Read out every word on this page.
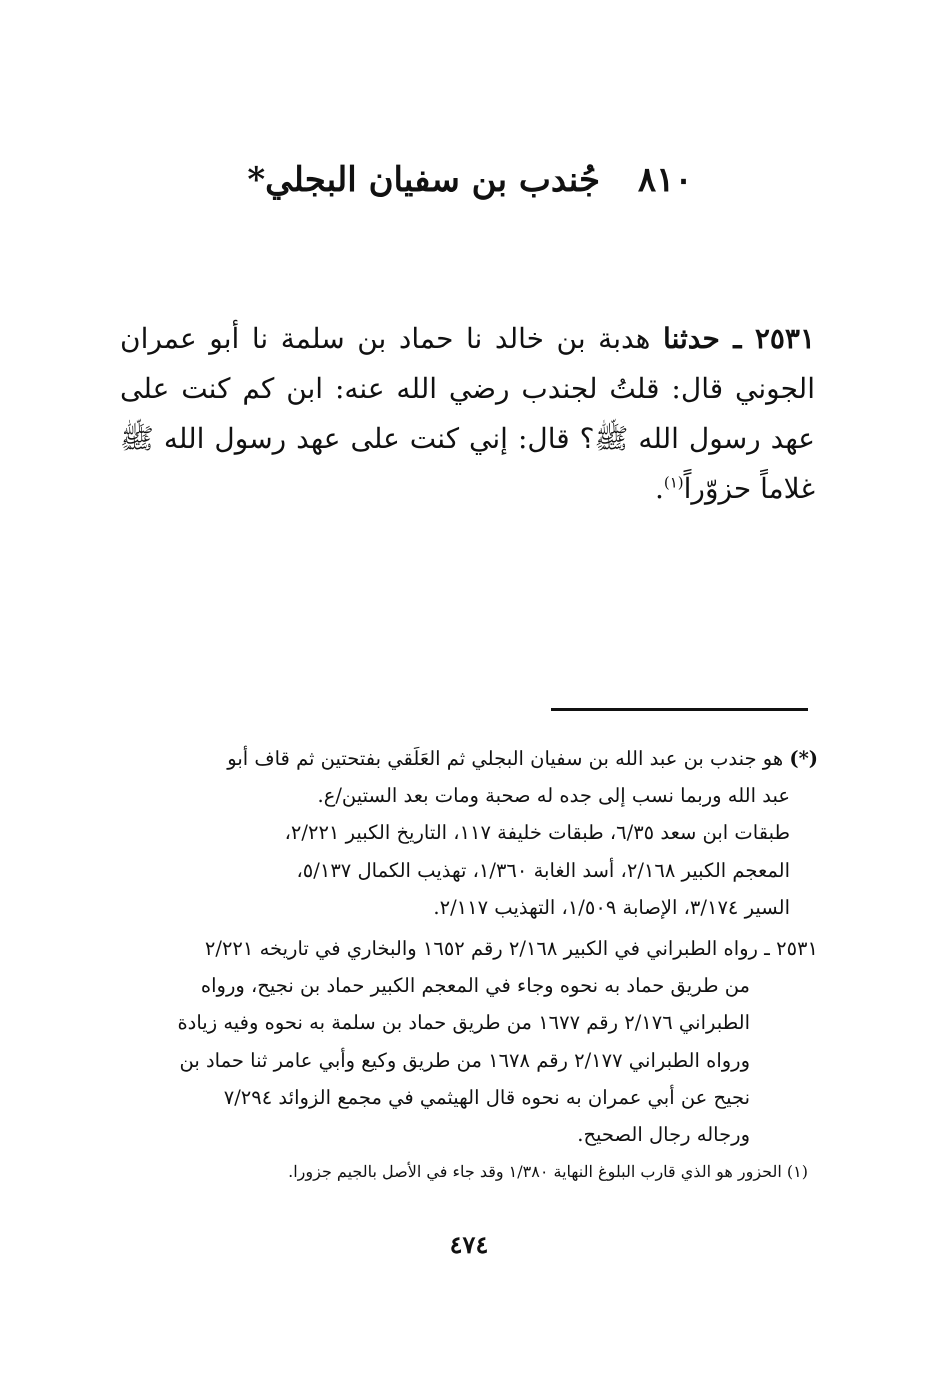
٨١٠ جُندب بن سفيان البجلي*
٢٥٣١ ـ حدثنا هدبة بن خالد نا حماد بن سلمة نا أبو عمران الجوني قال: قلتُ لجندب رضي الله عنه: ابن كم كنت على عهد رسول الله ﷺ؟ قال: إني كنت على عهد رسول الله ﷺ غلاماً حزوّراً$^{(١)}$.
(*) هو جندب بن عبد الله بن سفيان البجلي ثم العَلَقي بفتحتين ثم قاف أبو
عبد الله وربما نسب إلى جده له صحبة ومات بعد الستين/ع.
طبقات ابن سعد ٦/٣٥، طبقات خليفة ١١٧، التاريخ الكبير ٢/٢٢١،
المعجم الكبير ٢/١٦٨، أسد الغابة ١/٣٦٠، تهذيب الكمال ٥/١٣٧،
السير ٣/١٧٤، الإصابة ١/٥٠٩، التهذيب ٢/١١٧.
٢٥٣١ ـ رواه الطبراني في الكبير ٢/١٦٨ رقم ١٦٥٢ والبخاري في تاريخه ٢/٢٢١
من طريق حماد به نحوه وجاء في المعجم الكبير حماد بن نجيح، ورواه
الطبراني ٢/١٧٦ رقم ١٦٧٧ من طريق حماد بن سلمة به نحوه وفيه زيادة
ورواه الطبراني ٢/١٧٧ رقم ١٦٧٨ من طريق وكيع وأبي عامر ثنا حماد بن
نجيح عن أبي عمران به نحوه قال الهيثمي في مجمع الزوائد ٧/٢٩٤
ورجاله رجال الصحيح.
(١) الحزور هو الذي قارب البلوغ النهاية ١/٣٨٠ وقد جاء في الأصل بالجيم جزورا.
٤٧٤
